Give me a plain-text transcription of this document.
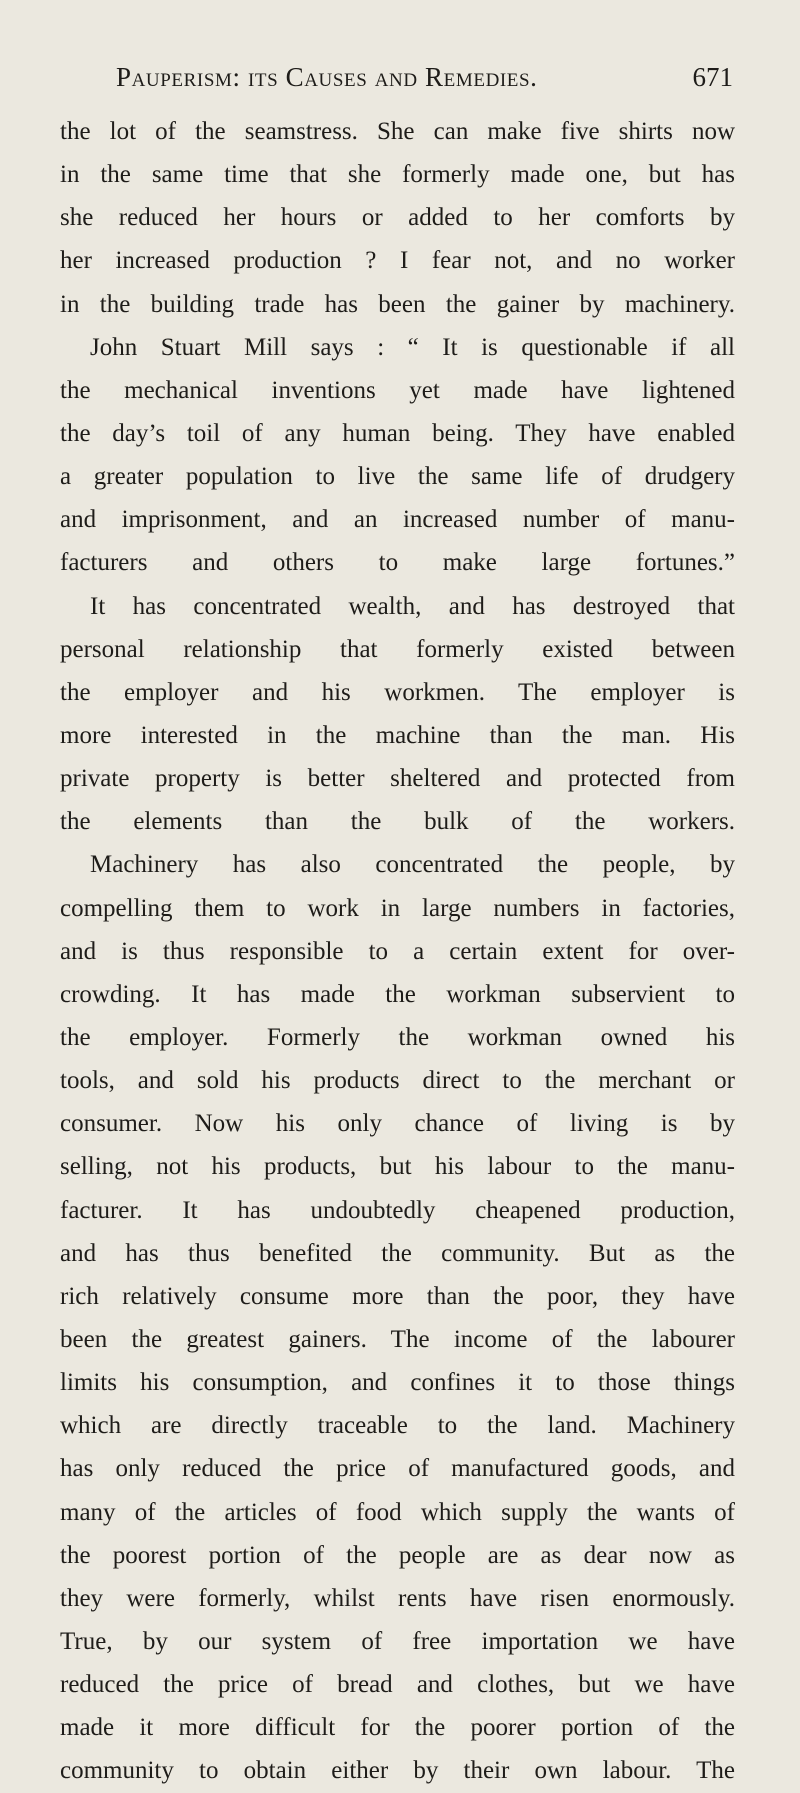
Pauperism: its Causes and Remedies.	671
the lot of the seamstress. She can make five shirts now
in the same time that she formerly made one, but has
she reduced her hours or added to her comforts by
her increased production ? I fear not, and no worker
in the building trade has been the gainer by machinery.
John Stuart Mill says : “ It is questionable if all
the mechanical inventions yet made have lightened
the day’s toil of any human being. They have enabled
a greater population to live the same life of drudgery
and imprisonment, and an increased number of manu-
facturers and others to make large fortunes.”
It has concentrated wealth, and has destroyed that
personal relationship that formerly existed between
the employer and his workmen. The employer is
more interested in the machine than the man. His
private property is better sheltered and protected from
the elements than the bulk of the workers.
Machinery has also concentrated the people, by
compelling them to work in large numbers in factories,
and is thus responsible to a certain extent for over-
crowding. It has made the workman subservient to
the employer. Formerly the workman owned his
tools, and sold his products direct to the merchant or
consumer. Now his only chance of living is by
selling, not his products, but his labour to the manu-
facturer. It has undoubtedly cheapened production,
and has thus benefited the community. But as the
rich relatively consume more than the poor, they have
been the greatest gainers. The income of the labourer
limits his consumption, and confines it to those things
which are directly traceable to the land. Machinery
has only reduced the price of manufactured goods, and
many of the articles of food which supply the wants of
the poorest portion of the people are as dear now as
they were formerly, whilst rents have risen enormously.
True, by our system of free importation we have
reduced the price of bread and clothes, but we have
made it more difficult for the poorer portion of the
community to obtain either by their own labour. The
